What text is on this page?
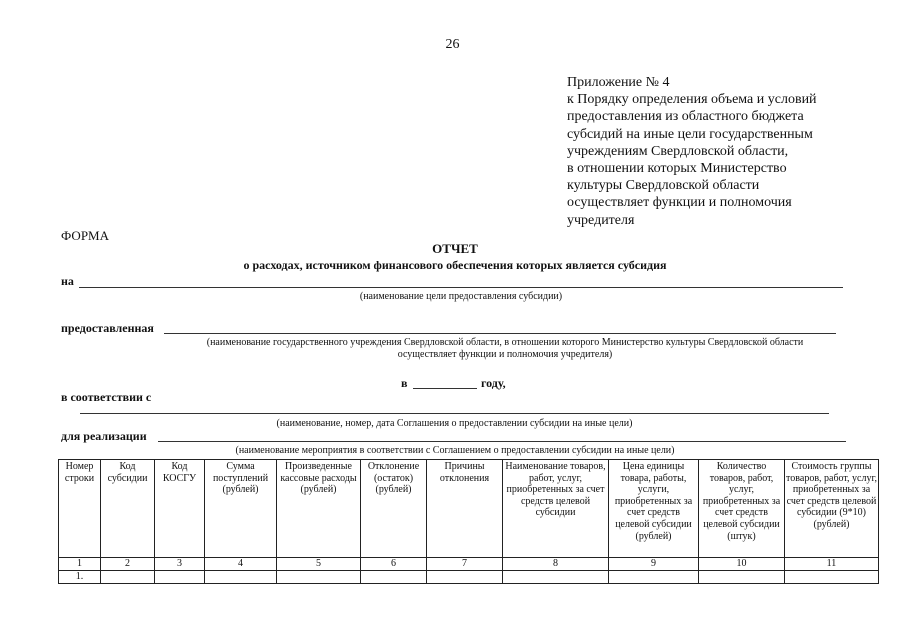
26
Приложение № 4
к Порядку определения объема и условий
предоставления из областного бюджета
субсидий на иные цели государственным
учреждениям Свердловской области,
в отношении которых Министерство
культуры Свердловской области
осуществляет функции и полномочия
учредителя
ФОРМА
ОТЧЕТ
о расходах, источником финансового обеспечения которых является субсидия
на
(наименование цели предоставления субсидии)
предоставленная
(наименование государственного учреждения Свердловской области, в отношении которого Министерство культуры Свердловской области
осуществляет функции и полномочия учредителя)
в	году,
в соответствии с
(наименование, номер, дата Соглашения о предоставлении субсидии на иные цели)
для реализации
(наименование мероприятия в соответствии с Соглашением о предоставлении субсидии на иные цели)
Номер строки	Код субсидии	Код КОСГУ	Сумма поступлений (рублей)	Произведенные кассовые расходы (рублей)	Отклонение (остаток) (рублей)	Причины отклонения	Наименование товаров, работ, услуг, приобретенных за счет средств целевой субсидии	Цена единицы товара, работы, услуги, приобретенных за счет средств целевой субсидии (рублей)	Количество товаров, работ, услуг, приобретенных за счет средств целевой субсидии (штук)	Стоимость группы товаров, работ, услуг, приобретенных за счет средств целевой субсидии (9*10) (рублей)
1	2	3	4	5	6	7	8	9	10	11
1.										
